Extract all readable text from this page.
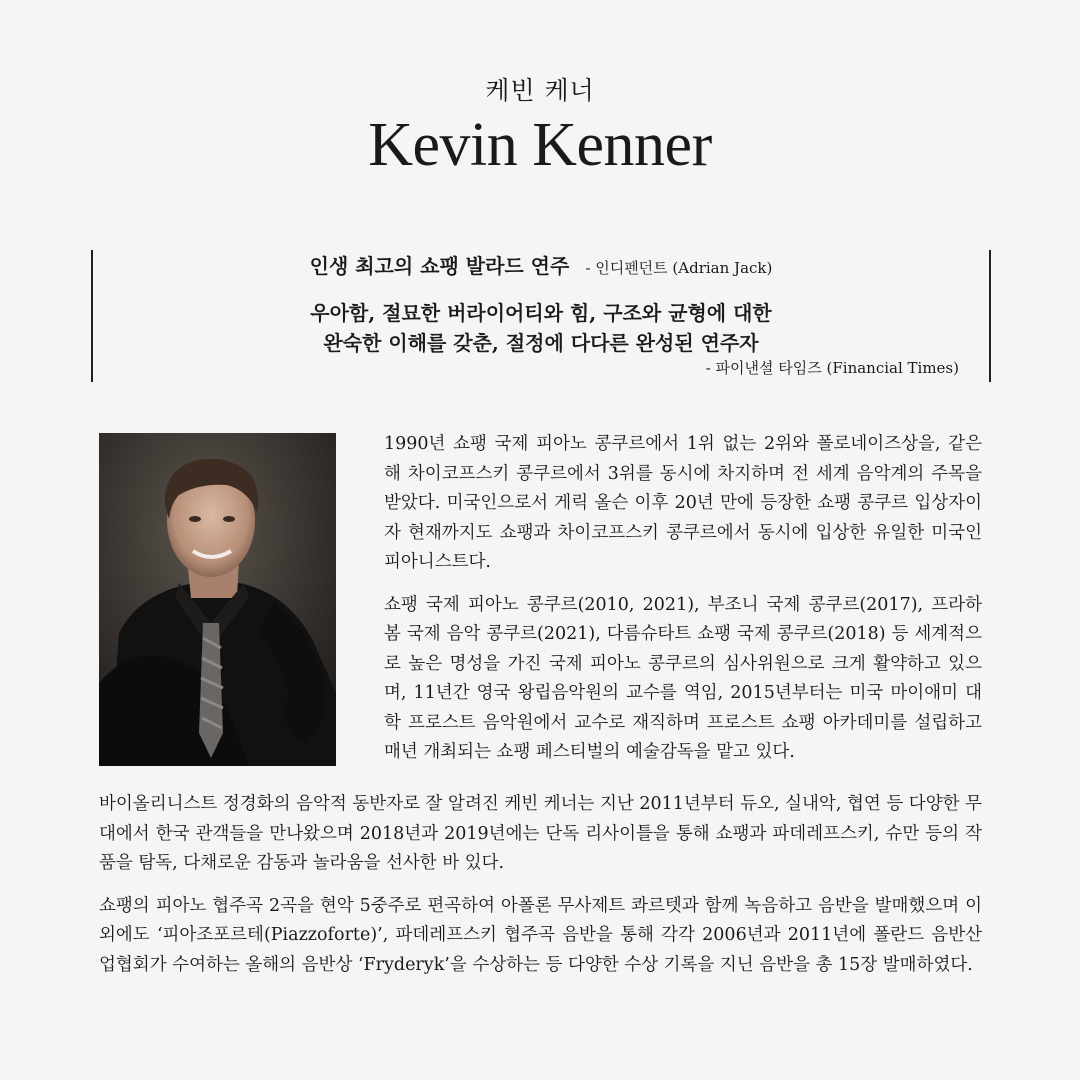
케빈 케너
Kevin Kenner
인생 최고의 쇼팽 발라드 연주 - 인디펜던트 (Adrian Jack)
우아함, 절묘한 버라이어티와 힘, 구조와 균형에 대한
완숙한 이해를 갖춘, 절정에 다다른 완성된 연주자
- 파이낸셜 타임즈 (Financial Times)

1990년 쇼팽 국제 피아노 콩쿠르에서 1위 없는 2위와 폴로네이즈상을, 같은 해 차이코프스키 콩쿠르에서 3위를 동시에 차지하며 전 세계 음악계의 주목을 받았다. 미국인으로서 게릭 올슨 이후 20년 만에 등장한 쇼팽 콩쿠르 입상자이자 현재까지도 쇼팽과 차이코프스키 콩쿠르에서 동시에 입상한 유일한 미국인 피아니스트다.

쇼팽 국제 피아노 콩쿠르(2010, 2021), 부조니 국제 콩쿠르(2017), 프라하 봄 국제 음악 콩쿠르(2021), 다름슈타트 쇼팽 국제 콩쿠르(2018) 등 세계적으로 높은 명성을 가진 국제 피아노 콩쿠르의 심사위원으로 크게 활약하고 있으며, 11년간 영국 왕립음악원의 교수를 역임, 2015년부터는 미국 마이애미 대학 프로스트 음악원에서 교수로 재직하며 프로스트 쇼팽 아카데미를 설립하고 매년 개최되는 쇼팽 페스티벌의 예술감독을 맡고 있다.

바이올리니스트 정경화의 음악적 동반자로 잘 알려진 케빈 케너는 지난 2011년부터 듀오, 실내악, 협연 등 다양한 무대에서 한국 관객들을 만나왔으며 2018년과 2019년에는 단독 리사이틀을 통해 쇼팽과 파데레프스키, 슈만 등의 작품을 탐독, 다채로운 감동과 놀라움을 선사한 바 있다.

쇼팽의 피아노 협주곡 2곡을 현악 5중주로 편곡하여 아폴론 무사제트 콰르텟과 함께 녹음하고 음반을 발매했으며 이외에도 ‘피아조포르테(Piazzoforte)’, 파데레프스키 협주곡 음반을 통해 각각 2006년과 2011년에 폴란드 음반산업협회가 수여하는 올해의 음반상 ‘Fryderyk’을 수상하는 등 다양한 수상 기록을 지닌 음반을 총 15장 발매하였다.
